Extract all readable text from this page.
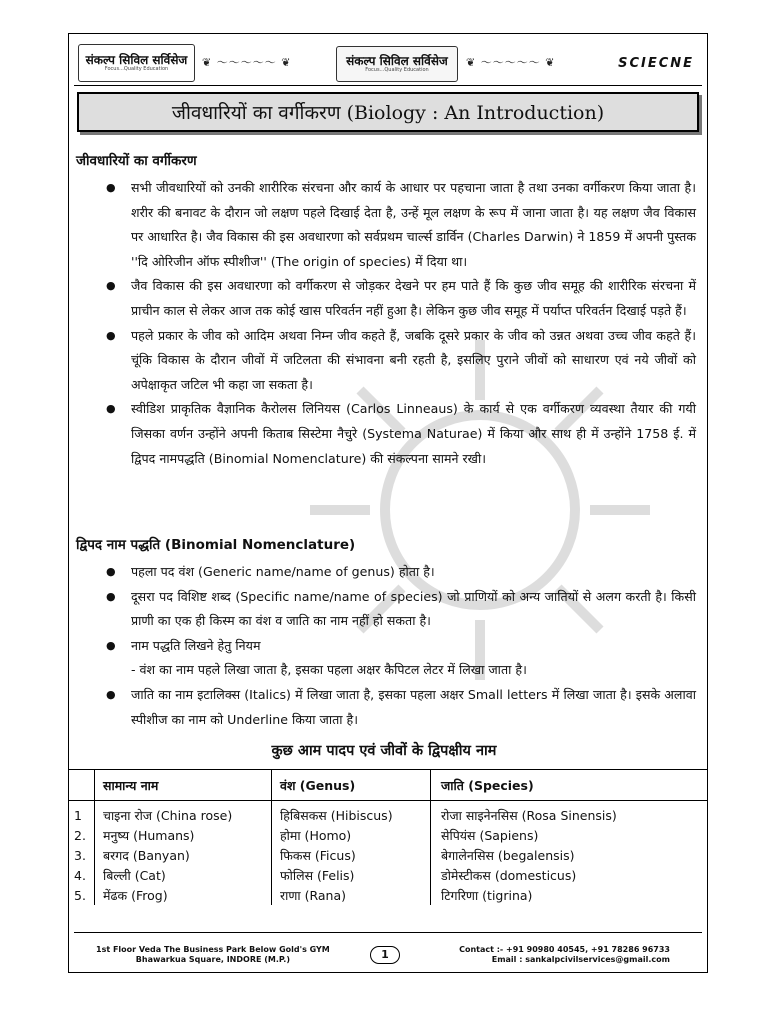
संकल्प सिविल सर्विसेज
Focus...Quality Education	❦ ～～～～～ ❦	संकल्प सिविल सर्विसेज
Focus...Quality Education
❦ ～～～～～ ❦	SCIECNE
जीवधारियों का वर्गीकरण (Biology : An Introduction)
जीवधारियों का वर्गीकरण
● सभी जीवधारियों को उनकी शारीरिक संरचना और कार्य के आधार पर पहचाना जाता है तथा उनका वर्गीकरण किया जाता है। शरीर की बनावट के दौरान जो लक्षण पहले दिखाई देता है, उन्हें मूल लक्षण के रूप में जाना जाता है। यह लक्षण जैव विकास पर आधारित है। जैव विकास की इस अवधारणा को सर्वप्रथम चार्ल्स डार्विन (Charles Darwin) ने 1859 में अपनी पुस्तक ''दि ओरिजीन ऑफ स्पीशीज'' (The origin of species) में दिया था।
● जैव विकास की इस अवधारणा को वर्गीकरण से जोड़कर देखने पर हम पाते हैं कि कुछ जीव समूह की शारीरिक संरचना में प्राचीन काल से लेकर आज तक कोई खास परिवर्तन नहीं हुआ है। लेकिन कुछ जीव समूह में पर्याप्त परिवर्तन दिखाई पड़ते हैं।
● पहले प्रकार के जीव को आदिम अथवा निम्न जीव कहते हैं, जबकि दूसरे प्रकार के जीव को उन्नत अथवा उच्च जीव कहते हैं। चूंकि विकास के दौरान जीवों में जटिलता की संभावना बनी रहती है, इसलिए पुराने जीवों को साधारण एवं नये जीवों को अपेक्षाकृत जटिल भी कहा जा सकता है।
● स्वीडिश प्राकृतिक वैज्ञानिक कैरोलस लिनियस (Carlos Linneaus) के कार्य से एक वर्गीकरण व्यवस्था तैयार की गयी जिसका वर्णन उन्होंने अपनी किताब सिस्टेमा नैचुरे (Systema Naturae) में किया और साथ ही में उन्होंने 1758 ई. में द्विपद नामपद्धति (Binomial Nomenclature) की संकल्पना सामने रखी।
द्विपद नाम पद्धति (Binomial Nomenclature)
● पहला पद वंश (Generic name/name of genus) होता है।
● दूसरा पद विशिष्ट शब्द (Specific name/name of species) जो प्राणियों को अन्य जातियों से अलग करती है। किसी प्राणी का एक ही किस्म का वंश व जाति का नाम नहीं हो सकता है।
● नाम पद्धति लिखने हेतु नियम
- वंश का नाम पहले लिखा जाता है, इसका पहला अक्षर कैपिटल लेटर में लिखा जाता है।
● जाति का नाम इटालिक्स (Italics) में लिखा जाता है, इसका पहला अक्षर Small letters में लिखा जाता है। इसके अलावा स्पीशीज का नाम को Underline किया जाता है।
कुछ आम पादप एवं जीवों के द्विपक्षीय नाम
	सामान्य नाम	वंश (Genus)	जाति (Species)
1	चाइना रोज (China rose)	हिबिसकस (Hibiscus)	रोजा साइनेनसिस (Rosa Sinensis)
2.	मनुष्य (Humans)	होमा (Homo)	सेपियंस (Sapiens)
3.	बरगद (Banyan)	फिकस (Ficus)	बेगालेनसिस (begalensis)
4.	बिल्ली (Cat)	फोलिस (Felis)	डोमेस्टीकस (domesticus)
5.	मेंढक (Frog)	राणा (Rana)	टिगरिणा (tigrina)
1st Floor Veda The Business Park Below Gold's GYM
Bhawarkua Square, INDORE (M.P.)	1	Contact :- +91 90980 40545, +91 78286 96733
Email : sankalpcivilservices@gmail.com
